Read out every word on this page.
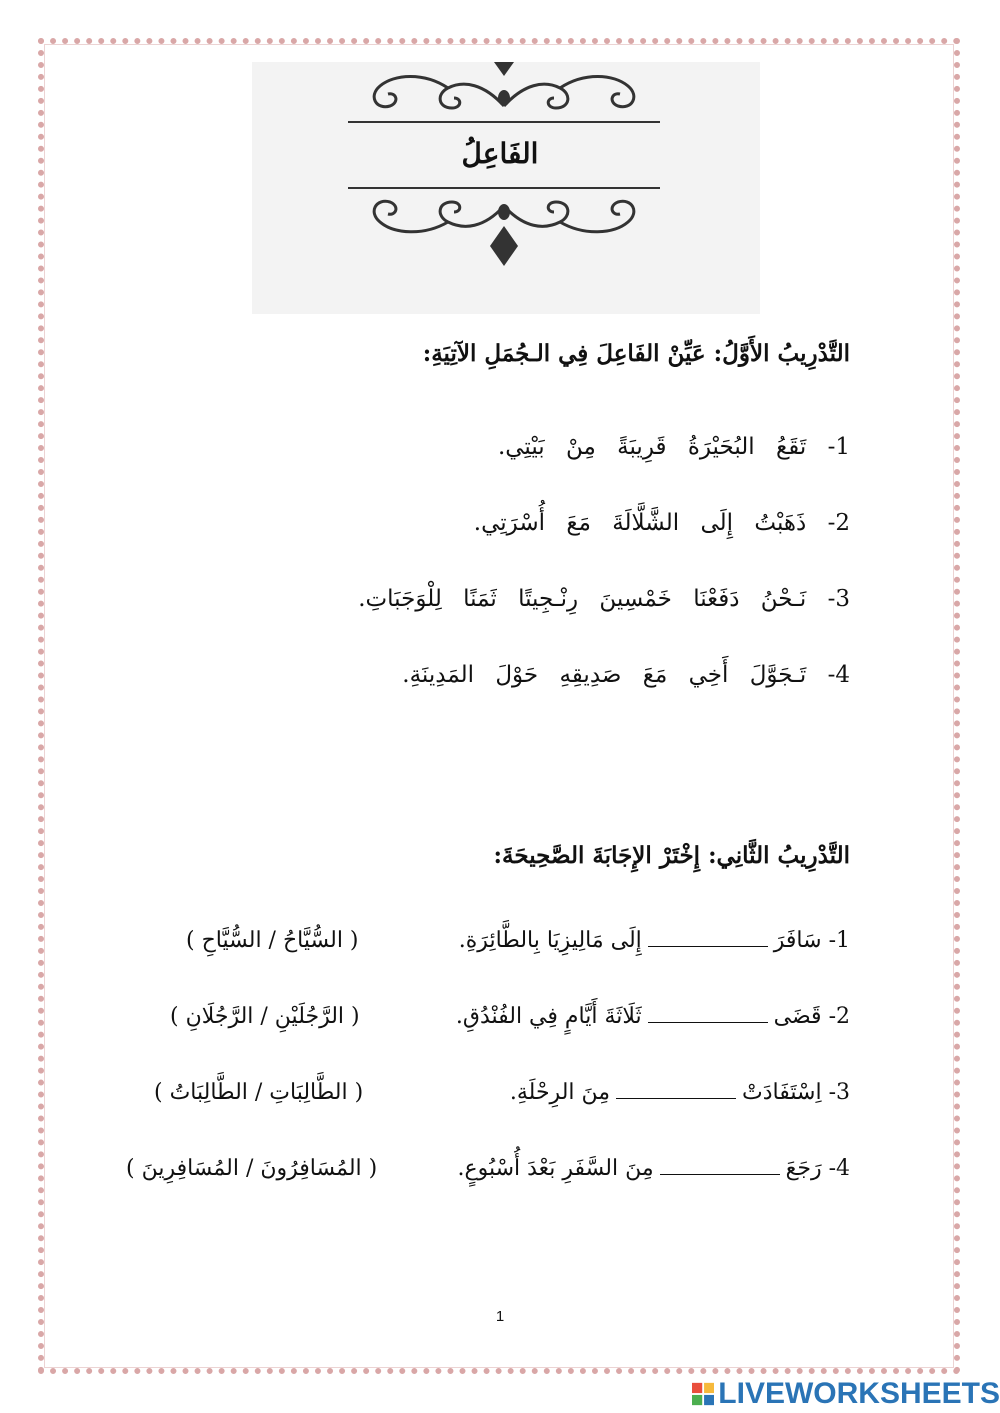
الفَاعِلُ
التَّدْرِيبُ الأَوَّلُ: عَيِّنْ الفَاعِلَ فِي الـجُمَلِ الآتِيَةِ:
1- تَقَعُ البُحَيْرَةُ قَرِيبَةً مِنْ بَيْتِي.
2- ذَهَبْتُ إِلَى الشَّلَّالَةَ مَعَ أُسْرَتِي.
3- نَـحْنُ دَفَعْنَا خَمْسِينَ رِنْـجِيتًا ثَمَنًا لِلْوَجَبَاتِ.
4- تَـجَوَّلَ أَخِي مَعَ صَدِيقِهِ حَوْلَ المَدِينَةِ.
التَّدْرِيبُ الثَّانِي: إِخْتَرْ الإِجَابَةَ الصَّحِيحَةَ:
1- سَافَرَإِلَى مَالِيزِيَا بِالطَّائِرَةِ.
( السُّيَّاحُ / السُّيَّاحِ )
2- قَضَىثَلَاثَةَ أَيَّامٍ فِي الفُنْدُقِ.
( الرَّجُلَيْنِ / الرَّجُلَانِ )
3- اِسْتَفَادَتْمِنَ الرِحْلَةِ.
( الطَّالِبَاتِ / الطَّالِبَاتُ )
4- رَجَعَمِنَ السَّفَرِ بَعْدَ أُسْبُوعٍ.
( المُسَافِرُونَ / المُسَافِرِينَ )
1
LIVEWORKSHEETS
